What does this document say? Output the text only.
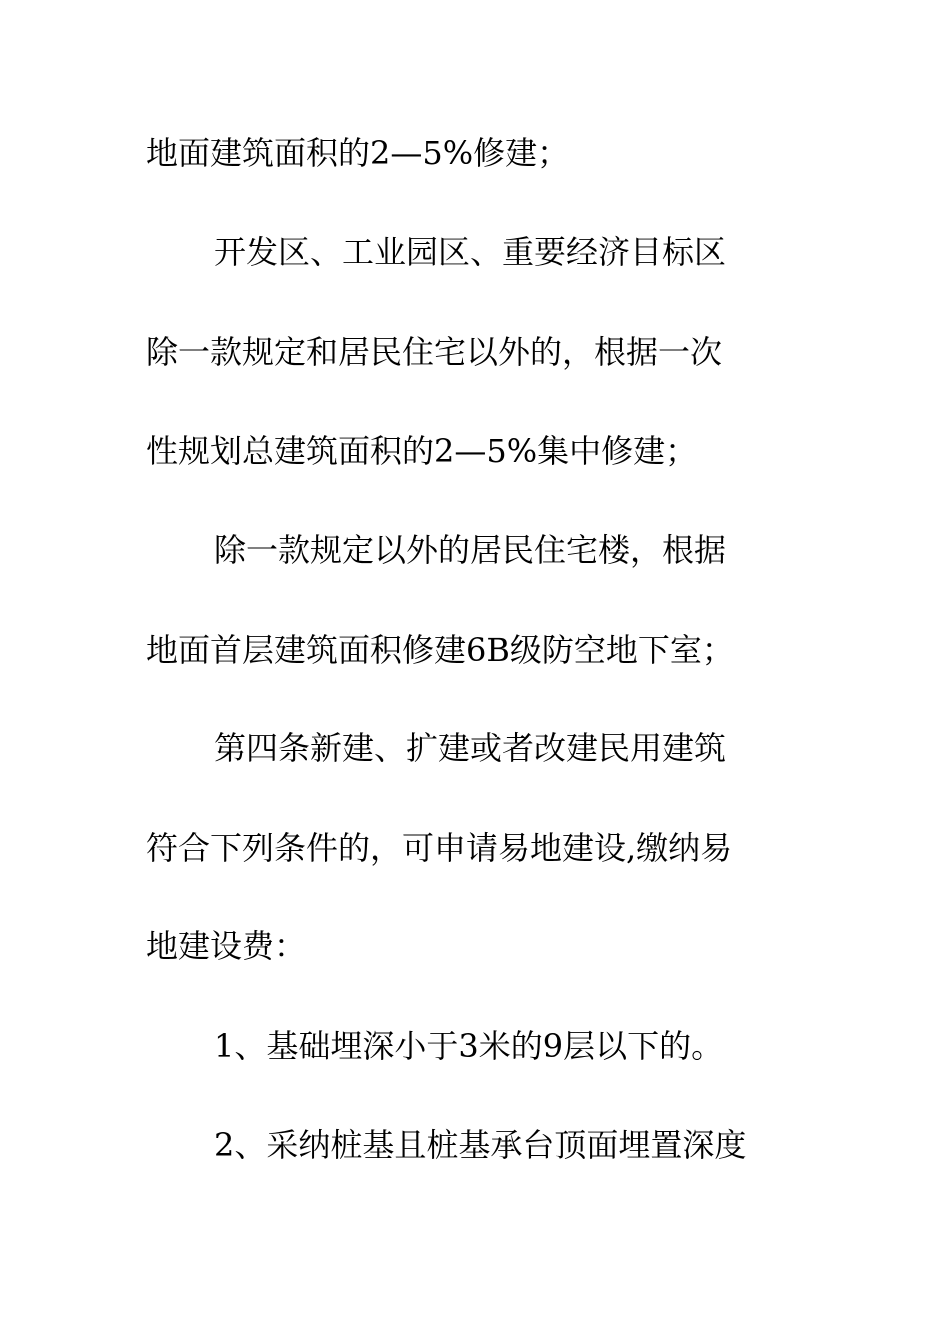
地面建筑面积的2—5%修建；
开发区、工业园区、重要经济目标区
除一款规定和居民住宅以外的，根据一次
性规划总建筑面积的2—5%集中修建；
除一款规定以外的居民住宅楼，根据
地面首层建筑面积修建6B级防空地下室；
第四条新建、扩建或者改建民用建筑
符合下列条件的，可申请易地建设,缴纳易
地建设费：
1、基础埋深小于3米的9层以下的。
2、采纳桩基且桩基承台顶面埋置深度
